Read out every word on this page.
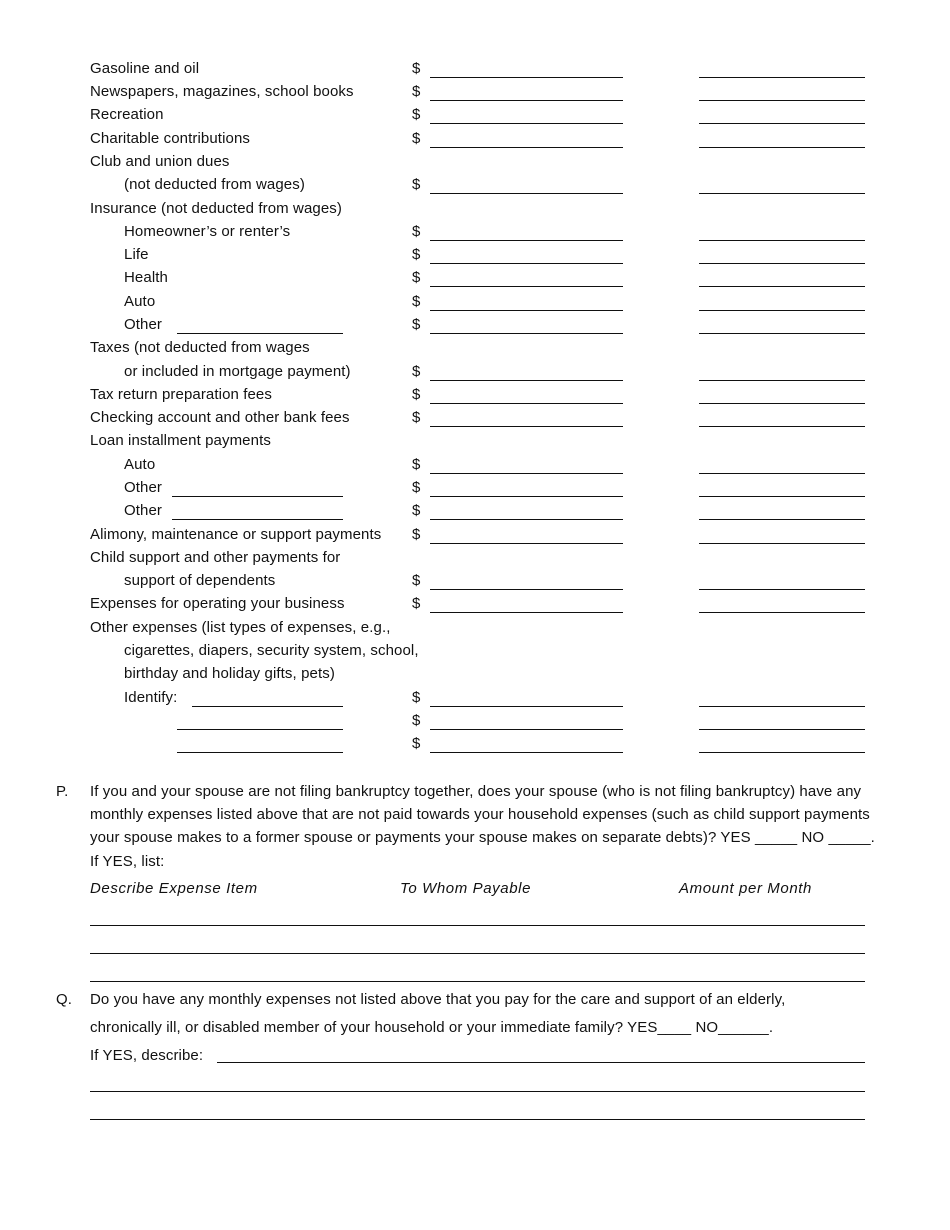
Gasoline and oil	$
Newspapers, magazines, school books	$
Recreation	$
Charitable contributions	$
Club and union dues
(not deducted from wages)	$
Insurance (not deducted from wages)
Homeowner’s or renter’s	$
Life	$
Health	$
Auto	$
Other	$
Taxes (not deducted from wages
or included in mortgage payment)	$
Tax return preparation fees	$
Checking account and other bank fees	$
Loan installment payments
Auto	$
Other	$
Other	$
Alimony, maintenance or support payments $
Child support and other payments for
support of dependents	$
Expenses for operating your business	$
Other expenses (list types of expenses, e.g.,
cigarettes, diapers, security system, school,
birthday and holiday gifts, pets)
Identify:	$
$
$
P. If you and your spouse are not filing bankruptcy together, does your spouse (who is not filing bankruptcy) have any
monthly expenses listed above that are not paid towards your household expenses (such as child support payments
your spouse makes to a former spouse or payments your spouse makes on separate debts)? YES _____ NO _____.
If YES, list:
Describe Expense Item	To Whom Payable	Amount per Month
Q. Do you have any monthly expenses not listed above that you pay for the care and support of an elderly,
chronically ill, or disabled member of your household or your immediate family? YES____ NO______.
If YES, describe:
